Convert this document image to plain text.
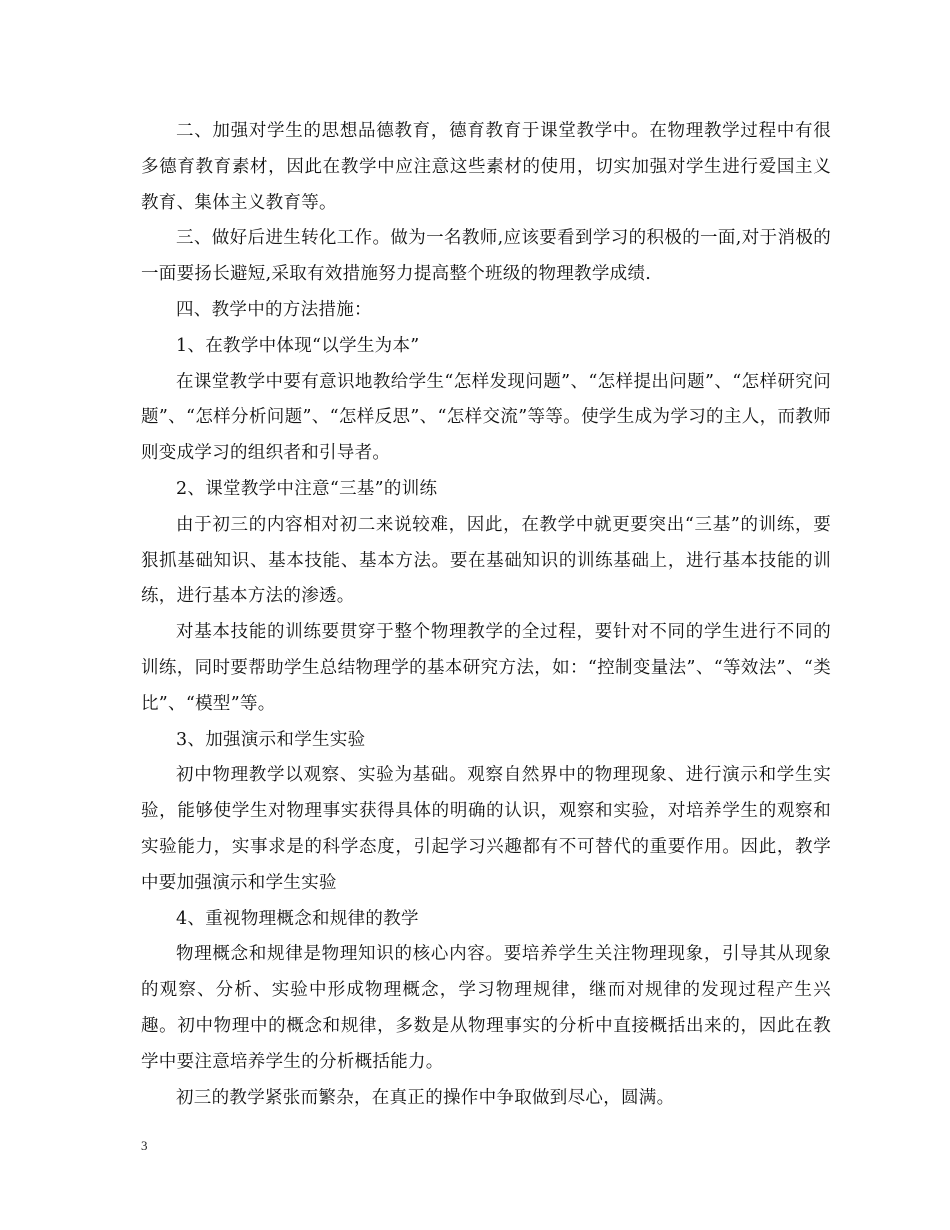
二、加强对学生的思想品德教育，德育教育于课堂教学中。在物理教学过程中有很多德育教育素材，因此在教学中应注意这些素材的使用，切实加强对学生进行爱国主义教育、集体主义教育等。

三、做好后进生转化工作。做为一名教师,应该要看到学习的积极的一面,对于消极的一面要扬长避短,采取有效措施努力提高整个班级的物理教学成绩.

四、教学中的方法措施：

1、在教学中体现“以学生为本”

在课堂教学中要有意识地教给学生“怎样发现问题”、“怎样提出问题”、“怎样研究问题”、“怎样分析问题”、“怎样反思”、“怎样交流”等等。使学生成为学习的主人，而教师则变成学习的组织者和引导者。

2、课堂教学中注意“三基”的训练

由于初三的内容相对初二来说较难，因此，在教学中就更要突出“三基”的训练，要狠抓基础知识、基本技能、基本方法。要在基础知识的训练基础上，进行基本技能的训练，进行基本方法的渗透。

对基本技能的训练要贯穿于整个物理教学的全过程，要针对不同的学生进行不同的训练，同时要帮助学生总结物理学的基本研究方法，如：“控制变量法”、“等效法”、“类比”、“模型”等。

3、加强演示和学生实验

初中物理教学以观察、实验为基础。观察自然界中的物理现象、进行演示和学生实验，能够使学生对物理事实获得具体的明确的认识，观察和实验，对培养学生的观察和实验能力，实事求是的科学态度，引起学习兴趣都有不可替代的重要作用。因此，教学中要加强演示和学生实验

4、重视物理概念和规律的教学

物理概念和规律是物理知识的核心内容。要培养学生关注物理现象，引导其从现象的观察、分析、实验中形成物理概念，学习物理规律，继而对规律的发现过程产生兴趣。初中物理中的概念和规律，多数是从物理事实的分析中直接概括出来的，因此在教学中要注意培养学生的分析概括能力。

初三的教学紧张而繁杂，在真正的操作中争取做到尽心，圆满。

3
